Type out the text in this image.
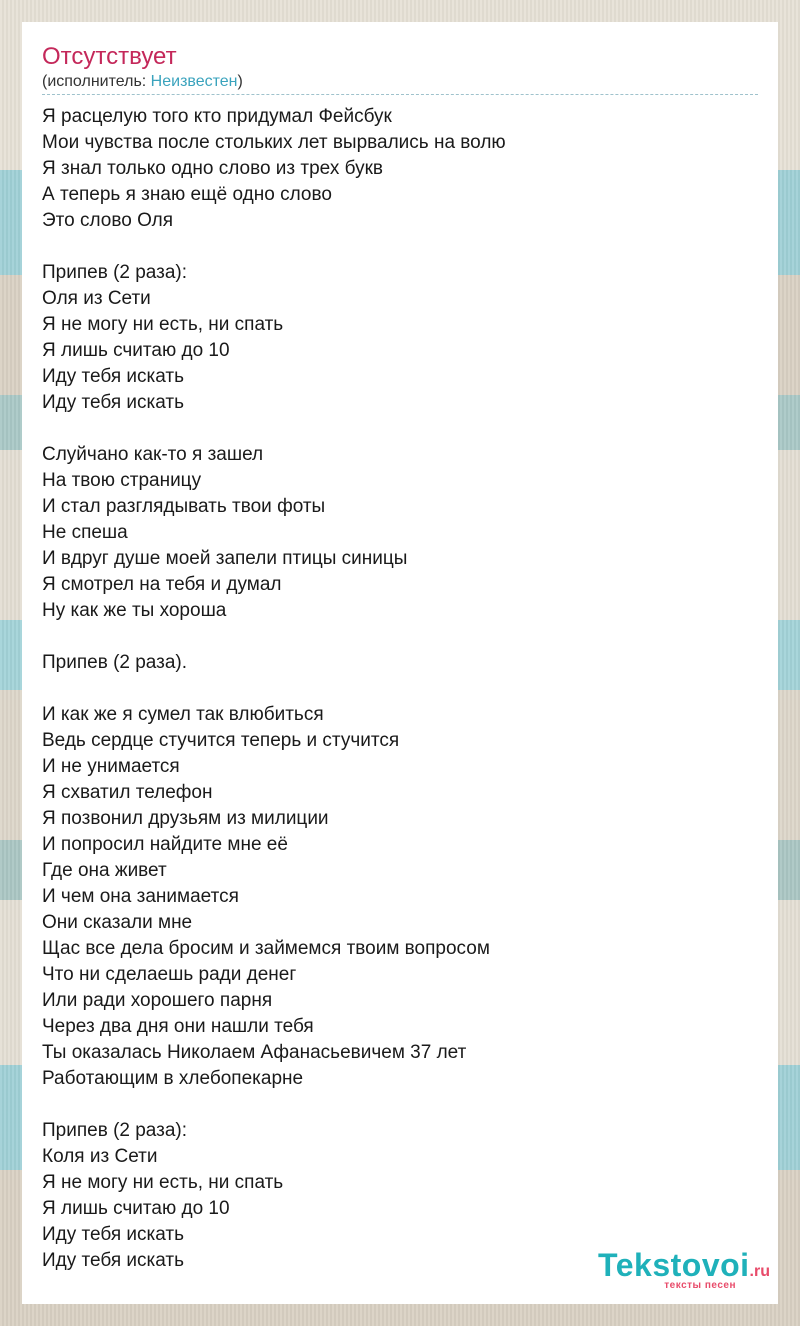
Отсутствует
(исполнитель: Неизвестен)
Я расцелую того кто придумал Фейсбук
Мои чувства после стольких лет вырвались на волю
Я знал только одно слово из трех букв
А теперь я знаю ещё одно слово
Это слово Оля
Припев (2 раза):
Оля из Сети
Я не могу ни есть, ни спать
Я лишь считаю до 10
Иду тебя искать
Иду тебя искать
Слуйчано как-то я зашел
На твою страницу
И стал разглядывать твои фоты
Не спеша
И вдруг душе моей запели птицы синицы
Я смотрел на тебя и думал
Ну как же ты хороша
Припев (2 раза).
И как же я сумел так влюбиться
Ведь сердце стучится теперь и стучится
И не унимается
Я схватил телефон
Я позвонил друзьям из милиции
И попросил найдите мне её
Где она живет
И чем она занимается
Они сказали мне
Щас все дела бросим и займемся твоим вопросом
Что ни сделаешь ради денег
Или ради хорошего парня
Через два дня они нашли тебя
Ты оказалась Николаем Афанасьевичем 37 лет
Работающим в хлебопекарне
Припев (2 раза):
Коля из Сети
Я не могу ни есть, ни спать
Я лишь считаю до 10
Иду тебя искать
Иду тебя искать	Tekstovoi.ru
тексты песен
